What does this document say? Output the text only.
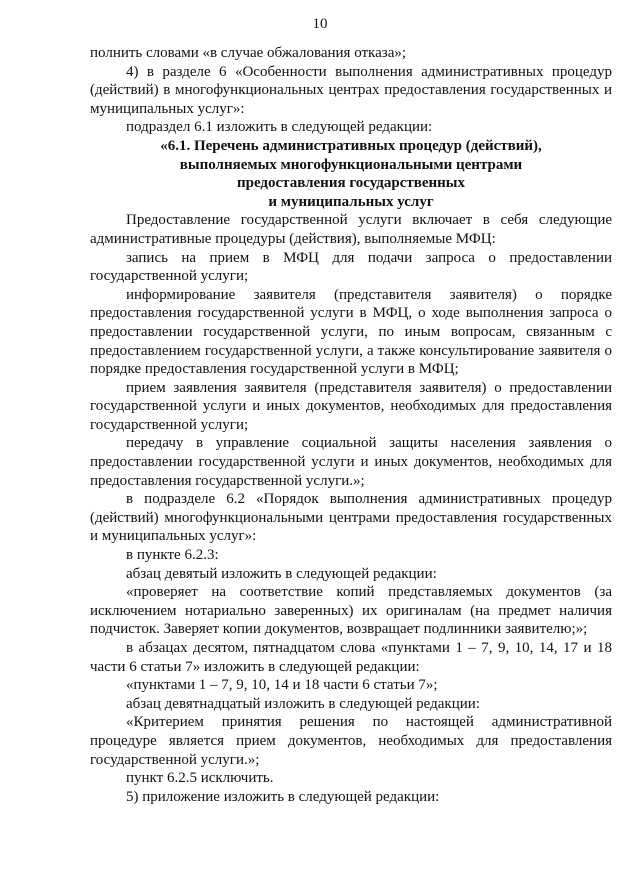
10

полнить словами «в случае обжалования отказа»;

4) в разделе 6 «Особенности выполнения административных процедур (действий) в многофункциональных центрах предоставления государственных и муниципальных услуг»:

подраздел 6.1 изложить в следующей редакции:

«6.1. Перечень административных процедур (действий),
выполняемых многофункциональными центрами
предоставления государственных
и муниципальных услуг

Предоставление государственной услуги включает в себя следующие административные процедуры (действия), выполняемые МФЦ:

запись на прием в МФЦ для подачи запроса о предоставлении государственной услуги;

информирование заявителя (представителя заявителя) о порядке предоставления государственной услуги в МФЦ, о ходе выполнения запроса о предоставлении государственной услуги, по иным вопросам, связанным с предоставлением государственной услуги, а также консультирование заявителя о порядке предоставления государственной услуги в МФЦ;

прием заявления заявителя (представителя заявителя) о предоставлении государственной услуги и иных документов, необходимых для предоставления государственной услуги;

передачу в управление социальной защиты населения заявления о предоставлении государственной услуги и иных документов, необходимых для предоставления государственной услуги.»;

в подразделе 6.2 «Порядок выполнения административных процедур (действий) многофункциональными центрами предоставления государственных и муниципальных услуг»:

в пункте 6.2.3:

абзац девятый изложить в следующей редакции:

«проверяет на соответствие копий представляемых документов (за исключением нотариально заверенных) их оригиналам (на предмет наличия подчисток. Заверяет копии документов, возвращает подлинники заявителю;»;

в абзацах десятом, пятнадцатом слова «пунктами 1 – 7, 9, 10, 14, 17 и 18 части 6 статьи 7» изложить в следующей редакции:

«пунктами 1 – 7, 9, 10, 14 и 18 части 6 статьи 7»;

абзац девятнадцатый изложить в следующей редакции:

«Критерием принятия решения по настоящей административной процедуре является прием документов, необходимых для предоставления государственной услуги.»;

пункт 6.2.5 исключить.

5) приложение изложить в следующей редакции:
